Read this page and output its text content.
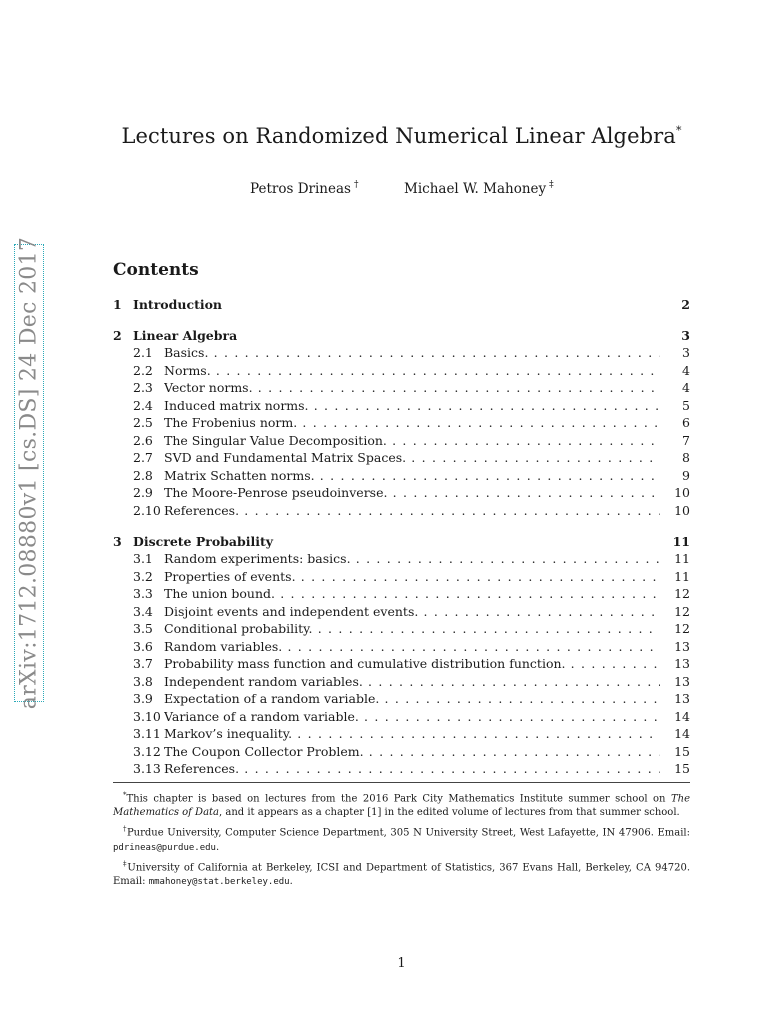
Lectures on Randomized Numerical Linear Algebra*
Petros Drineas †	Michael W. Mahoney ‡
arXiv:1712.08880v1 [cs.DS] 24 Dec 2017	Contents
1 Introduction	2
2 Linear Algebra	3
2.1 Basics. . . .	3
2.2 Norms. . . .	4
2.3 Vector norms. . . .	4
2.4 Induced matrix norms. . . .	5
2.5 The Frobenius norm. . . .	6
2.6 The Singular Value Decomposition. . . .	7
2.7 SVD and Fundamental Matrix Spaces. . . .	8
2.8 Matrix Schatten norms. . . .	9
2.9 The Moore-Penrose pseudoinverse. . . .	10
2.10 References. . . .	10
3 Discrete Probability	11
3.1 Random experiments: basics. . . .	11
3.2 Properties of events. . . .	11
3.3 The union bound. . . .	12
3.4 Disjoint events and independent events. . . .	12
3.5 Conditional probability. . . .	12
3.6 Random variables. . . .	13
3.7 Probability mass function and cumulative distribution function. . . .	13
3.8 Independent random variables. . . .	13
3.9 Expectation of a random variable. . . .	13
3.10 Variance of a random variable. . . .	14
3.11 Markov’s inequality. . . .	14
3.12 The Coupon Collector Problem. . . .	15
3.13 References. . . .	15

*This chapter is based on lectures from the 2016 Park City Mathematics Institute summer school on The Mathematics of Data, and it appears as a chapter [1] in the edited volume of lectures from that summer school.

†Purdue University, Computer Science Department, 305 N University Street, West Lafayette, IN 47906. Email: pdrineas@purdue.edu.

‡University of California at Berkeley, ICSI and Department of Statistics, 367 Evans Hall, Berkeley, CA 94720. Email: mmahoney@stat.berkeley.edu.

1
